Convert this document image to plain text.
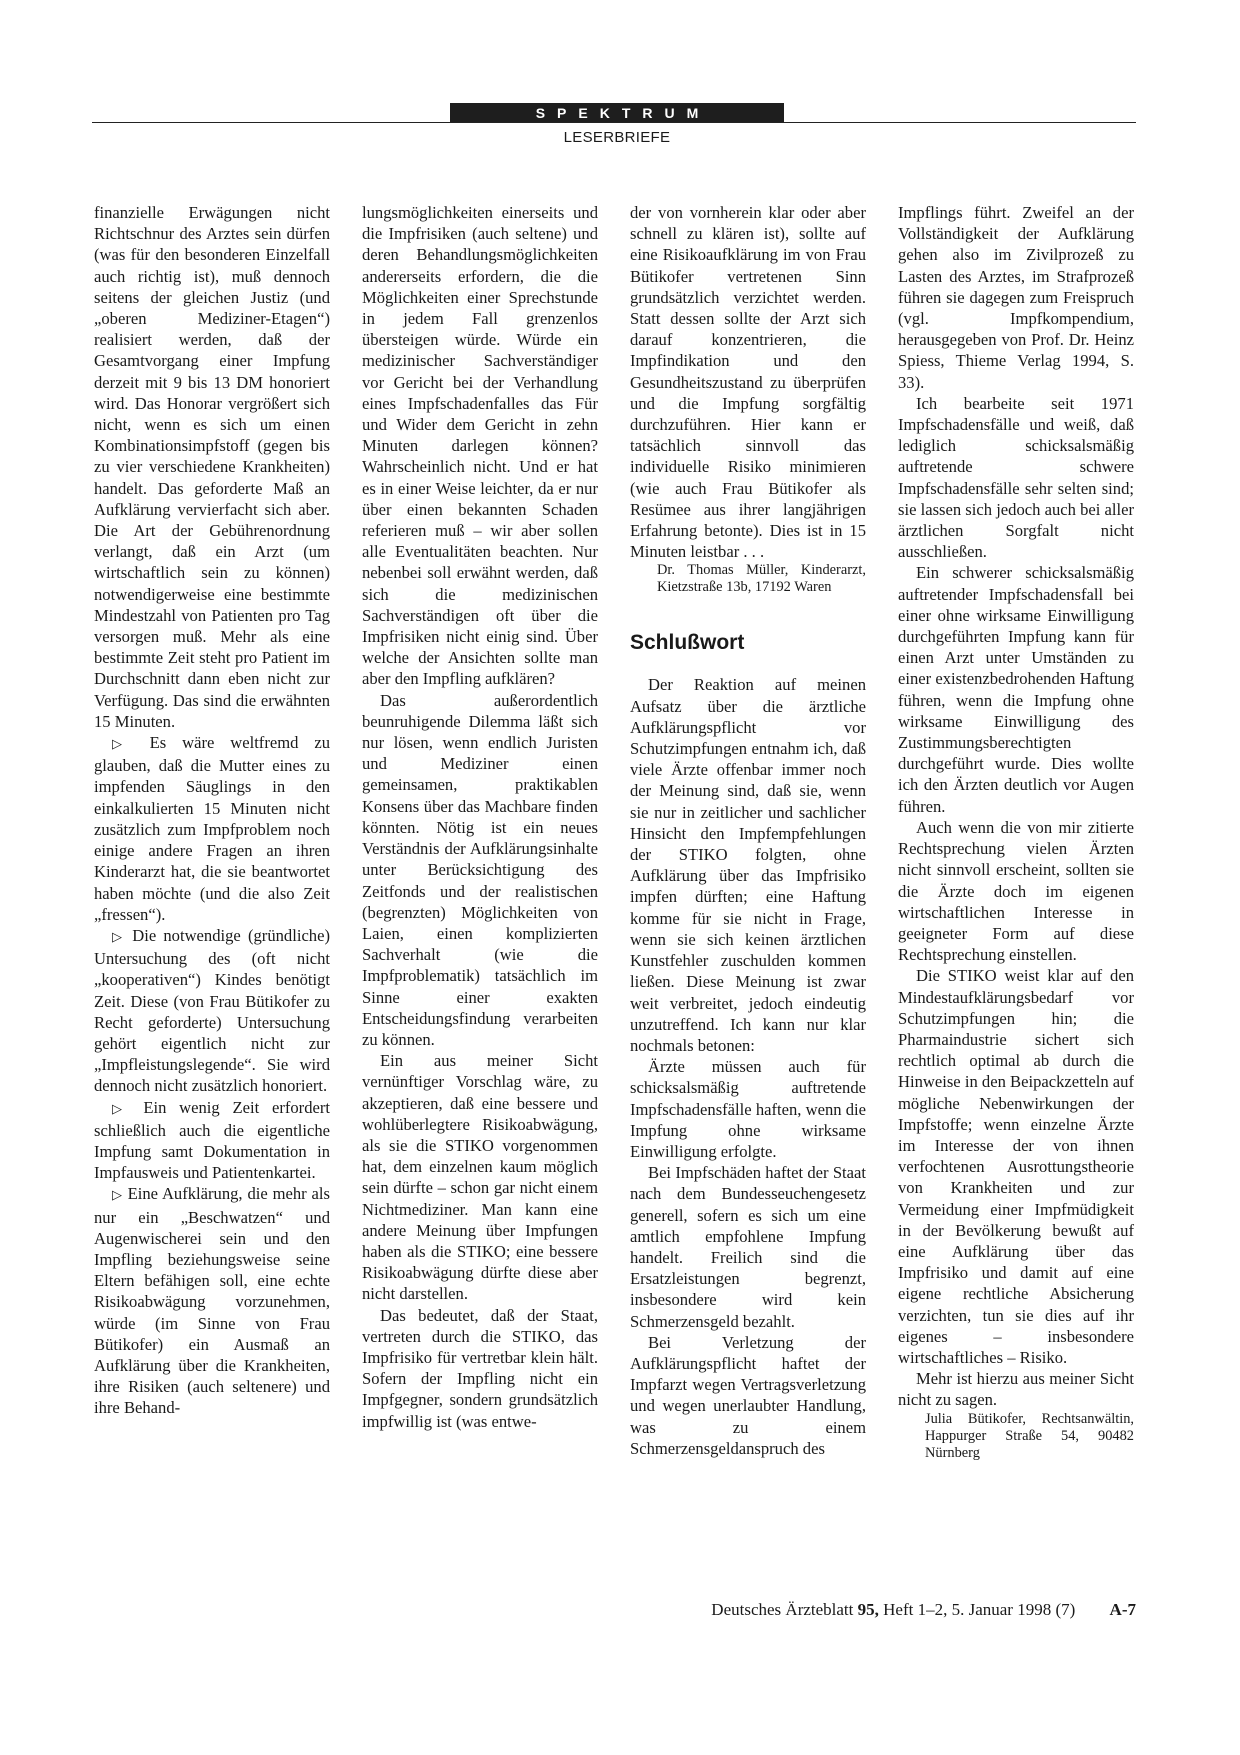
SPEKTRUM
LESERBRIEFE

finanzielle Erwägungen nicht Richtschnur des Arztes sein dürfen (was für den besonderen Einzelfall auch richtig ist), muß dennoch seitens der gleichen Justiz (und „oberen Mediziner-Etagen“) realisiert werden, daß der Gesamtvorgang einer Impfung derzeit mit 9 bis 13 DM honoriert wird. Das Honorar vergrößert sich nicht, wenn es sich um einen Kombinationsimpfstoff (gegen bis zu vier verschiedene Krankheiten) handelt. Das geforderte Maß an Aufklärung vervierfacht sich aber. Die Art der Gebührenordnung verlangt, daß ein Arzt (um wirtschaftlich sein zu können) notwendigerweise eine bestimmte Mindestzahl von Patienten pro Tag versorgen muß. Mehr als eine bestimmte Zeit steht pro Patient im Durchschnitt dann eben nicht zur Verfügung. Das sind die erwähnten 15 Minuten.

▷ Es wäre weltfremd zu glauben, daß die Mutter eines zu impfenden Säuglings in den einkalkulierten 15 Minuten nicht zusätzlich zum Impfproblem noch einige andere Fragen an ihren Kinderarzt hat, die sie beantwortet haben möchte (und die also Zeit „fressen“).

▷ Die notwendige (gründliche) Untersuchung des (oft nicht „kooperativen“) Kindes benötigt Zeit. Diese (von Frau Bütikofer zu Recht geforderte) Untersuchung gehört eigentlich nicht zur „Impfleistungslegende“. Sie wird dennoch nicht zusätzlich honoriert.

▷ Ein wenig Zeit erfordert schließlich auch die eigentliche Impfung samt Dokumentation in Impfausweis und Patientenkartei.

▷ Eine Aufklärung, die mehr als nur ein „Beschwatzen“ und Augenwischerei sein und den Impfling beziehungsweise seine Eltern befähigen soll, eine echte Risikoabwägung vorzunehmen, würde (im Sinne von Frau Bütikofer) ein Ausmaß an Aufklärung über die Krankheiten, ihre Risiken (auch seltenere) und ihre Behand-

lungsmöglichkeiten einerseits und die Impfrisiken (auch seltene) und deren Behandlungsmöglichkeiten andererseits erfordern, die die Möglichkeiten einer Sprechstunde in jedem Fall grenzenlos übersteigen würde. Würde ein medizinischer Sachverständiger vor Gericht bei der Verhandlung eines Impfschadenfalles das Für und Wider dem Gericht in zehn Minuten darlegen können? Wahrscheinlich nicht. Und er hat es in einer Weise leichter, da er nur über einen bekannten Schaden referieren muß – wir aber sollen alle Eventualitäten beachten. Nur nebenbei soll erwähnt werden, daß sich die medizinischen Sachverständigen oft über die Impfrisiken nicht einig sind. Über welche der Ansichten sollte man aber den Impfling aufklären?

Das außerordentlich beunruhigende Dilemma läßt sich nur lösen, wenn endlich Juristen und Mediziner einen gemeinsamen, praktikablen Konsens über das Machbare finden könnten. Nötig ist ein neues Verständnis der Aufklärungsinhalte unter Berücksichtigung des Zeitfonds und der realistischen (begrenzten) Möglichkeiten von Laien, einen komplizierten Sachverhalt (wie die Impfproblematik) tatsächlich im Sinne einer exakten Entscheidungsfindung verarbeiten zu können.

Ein aus meiner Sicht vernünftiger Vorschlag wäre, zu akzeptieren, daß eine bessere und wohlüberlegtere Risikoabwägung, als sie die STIKO vorgenommen hat, dem einzelnen kaum möglich sein dürfte – schon gar nicht einem Nichtmediziner. Man kann eine andere Meinung über Impfungen haben als die STIKO; eine bessere Risikoabwägung dürfte diese aber nicht darstellen.

Das bedeutet, daß der Staat, vertreten durch die STIKO, das Impfrisiko für vertretbar klein hält. Sofern der Impfling nicht ein Impfgegner, sondern grundsätzlich impfwillig ist (was entwe-

der von vornherein klar oder aber schnell zu klären ist), sollte auf eine Risikoaufklärung im von Frau Bütikofer vertretenen Sinn grundsätzlich verzichtet werden. Statt dessen sollte der Arzt sich darauf konzentrieren, die Impfindikation und den Gesundheitszustand zu überprüfen und die Impfung sorgfältig durchzuführen. Hier kann er tatsächlich sinnvoll das individuelle Risiko minimieren (wie auch Frau Bütikofer als Resümee aus ihrer langjährigen Erfahrung betonte). Dies ist in 15 Minuten leistbar . . .

Dr. Thomas Müller, Kinderarzt, Kietzstraße 13b, 17192 Waren

Schlußwort

Der Reaktion auf meinen Aufsatz über die ärztliche Aufklärungspflicht vor Schutzimpfungen entnahm ich, daß viele Ärzte offenbar immer noch der Meinung sind, daß sie, wenn sie nur in zeitlicher und sachlicher Hinsicht den Impfempfehlungen der STIKO folgten, ohne Aufklärung über das Impfrisiko impfen dürften; eine Haftung komme für sie nicht in Frage, wenn sie sich keinen ärztlichen Kunstfehler zuschulden kommen ließen. Diese Meinung ist zwar weit verbreitet, jedoch eindeutig unzutreffend. Ich kann nur klar nochmals betonen:

Ärzte müssen auch für schicksalsmäßig auftretende Impfschadensfälle haften, wenn die Impfung ohne wirksame Einwilligung erfolgte.

Bei Impfschäden haftet der Staat nach dem Bundesseuchengesetz generell, sofern es sich um eine amtlich empfohlene Impfung handelt. Freilich sind die Ersatzleistungen begrenzt, insbesondere wird kein Schmerzensgeld bezahlt.

Bei Verletzung der Aufklärungspflicht haftet der Impfarzt wegen Vertragsverletzung und wegen unerlaubter Handlung, was zu einem Schmerzensgeldanspruch des

Impflings führt. Zweifel an der Vollständigkeit der Aufklärung gehen also im Zivilprozeß zu Lasten des Arztes, im Strafprozeß führen sie dagegen zum Freispruch (vgl. Impfkompendium, herausgegeben von Prof. Dr. Heinz Spiess, Thieme Verlag 1994, S. 33).

Ich bearbeite seit 1971 Impfschadensfälle und weiß, daß lediglich schicksalsmäßig auftretende schwere Impfschadensfälle sehr selten sind; sie lassen sich jedoch auch bei aller ärztlichen Sorgfalt nicht ausschließen.

Ein schwerer schicksalsmäßig auftretender Impfschadensfall bei einer ohne wirksame Einwilligung durchgeführten Impfung kann für einen Arzt unter Umständen zu einer existenzbedrohenden Haftung führen, wenn die Impfung ohne wirksame Einwilligung des Zustimmungsberechtigten durchgeführt wurde. Dies wollte ich den Ärzten deutlich vor Augen führen.

Auch wenn die von mir zitierte Rechtsprechung vielen Ärzten nicht sinnvoll erscheint, sollten sie die Ärzte doch im eigenen wirtschaftlichen Interesse in geeigneter Form auf diese Rechtsprechung einstellen.

Die STIKO weist klar auf den Mindestaufklärungsbedarf vor Schutzimpfungen hin; die Pharmaindustrie sichert sich rechtlich optimal ab durch die Hinweise in den Beipackzetteln auf mögliche Nebenwirkungen der Impfstoffe; wenn einzelne Ärzte im Interesse der von ihnen verfochtenen Ausrottungstheorie von Krankheiten und zur Vermeidung einer Impfmüdigkeit in der Bevölkerung bewußt auf eine Aufklärung über das Impfrisiko und damit auf eine eigene rechtliche Absicherung verzichten, tun sie dies auf ihr eigenes – insbesondere wirtschaftliches – Risiko.

Mehr ist hierzu aus meiner Sicht nicht zu sagen.

Julia Bütikofer, Rechtsanwältin, Happurger Straße 54, 90482 Nürnberg

Deutsches Ärzteblatt 95, Heft 1–2, 5. Januar 1998 (7) A-7
